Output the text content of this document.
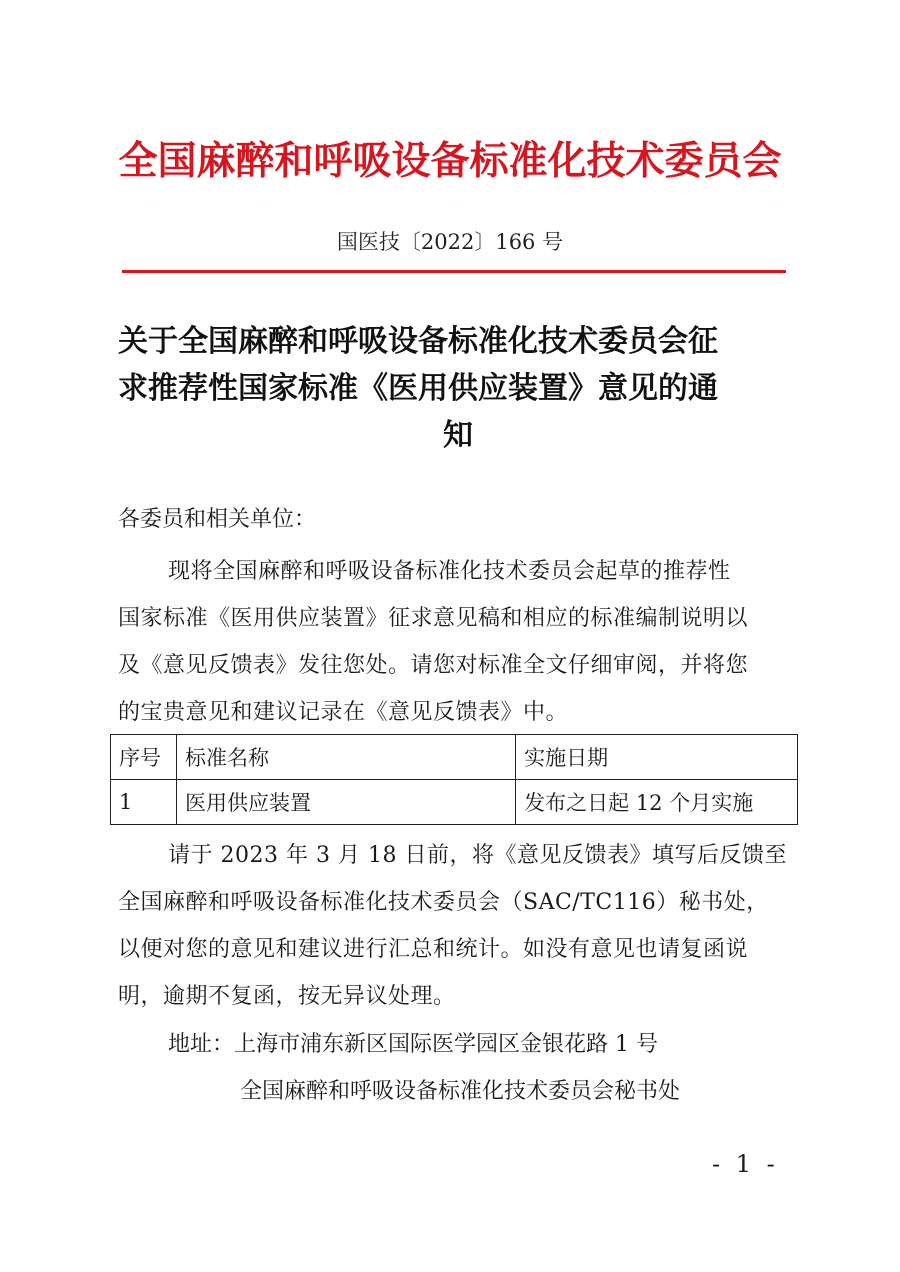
全国麻醉和呼吸设备标准化技术委员会
国医技〔2022〕166 号
关于全国麻醉和呼吸设备标准化技术委员会征
求推荐性国家标准《医用供应装置》意见的通
知
各委员和相关单位：
现将全国麻醉和呼吸设备标准化技术委员会起草的推荐性
国家标准《医用供应装置》征求意见稿和相应的标准编制说明以
及《意见反馈表》发往您处。请您对标准全文仔细审阅，并将您
的宝贵意见和建议记录在《意见反馈表》中。
序号	标准名称	实施日期
1	医用供应装置	发布之日起 12 个月实施
请于 2023 年 3 月 18 日前，将《意见反馈表》填写后反馈至
全国麻醉和呼吸设备标准化技术委员会（SAC/TC116）秘书处，
以便对您的意见和建议进行汇总和统计。如没有意见也请复函说
明，逾期不复函，按无异议处理。
地址：上海市浦东新区国际医学园区金银花路 1 号
全国麻醉和呼吸设备标准化技术委员会秘书处
- 1 -
